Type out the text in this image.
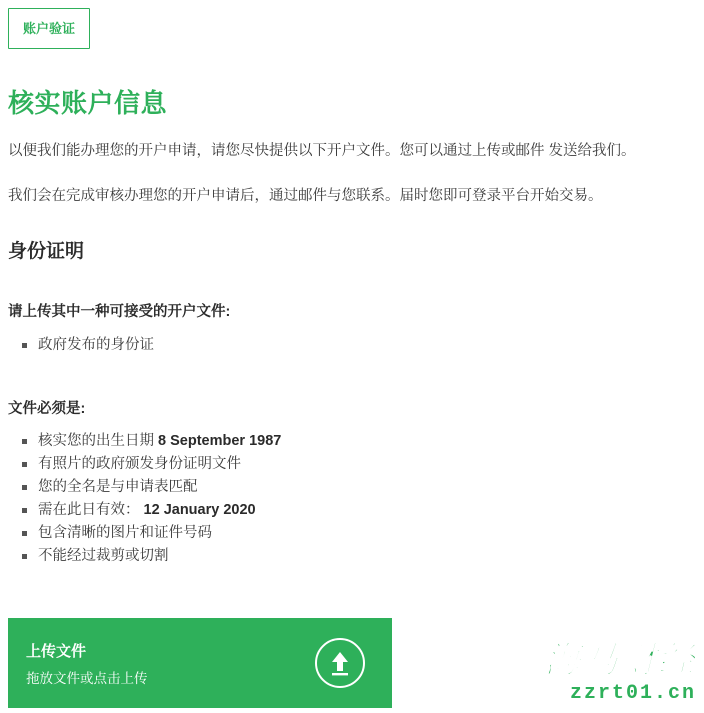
账户验证
核实账户信息
以便我们能办理您的开户申请，请您尽快提供以下开户文件。您可以通过上传或邮件 发送给我们。
我们会在完成审核办理您的开户申请后，通过邮件与您联系。届时您即可登录平台开始交易。
身份证明
请上传其中一种可接受的开户文件:
政府发布的身份证
文件必须是:
核实您的出生日期 8 September 1987
有照片的政府颁发身份证明文件
您的全名是与申请表匹配
需在此日有效： 12 January 2020
包含清晰的图片和证件号码
不能经过裁剪或切割
上传文件
拖放文件或点击上传	海马财经
zzrt01.cn
